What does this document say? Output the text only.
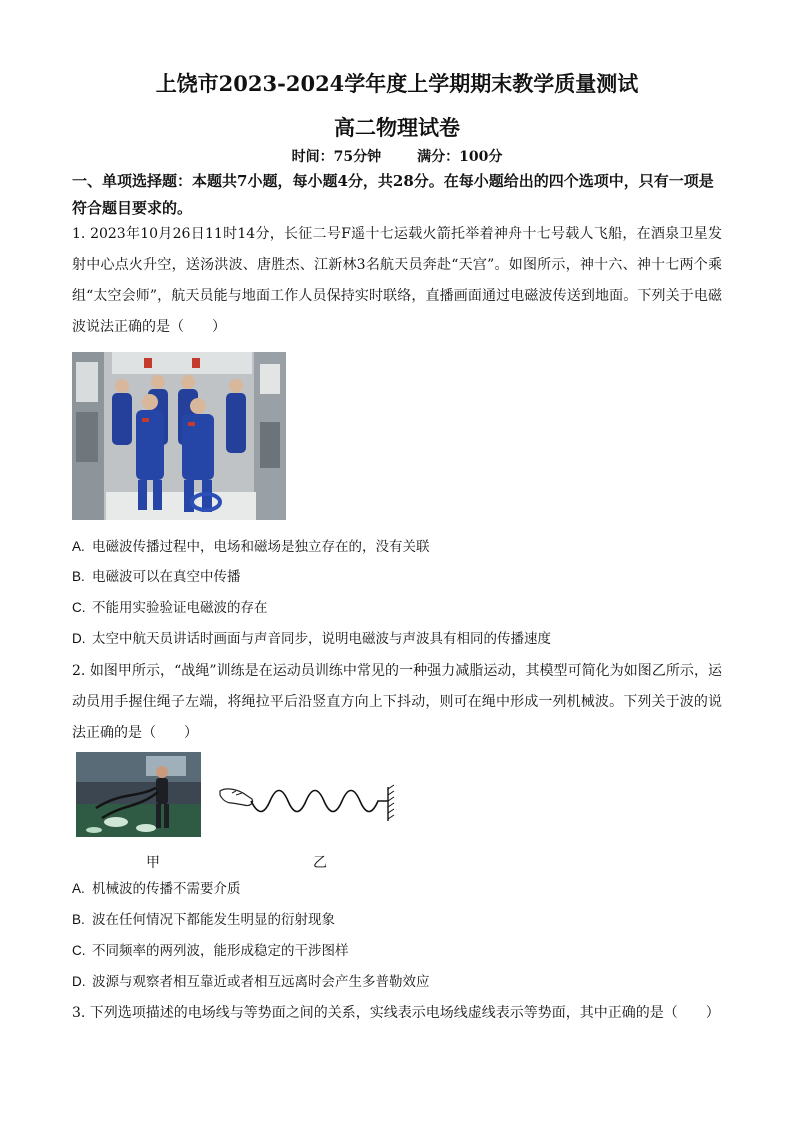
上饶市2023-2024学年度上学期期末教学质量测试
高二物理试卷
时间：75分钟	满分：100分
一、单项选择题：本题共7小题，每小题4分，共28分。在每小题给出的四个选项中，只有一项是符合题目要求的。
1. 2023年10月26日11时14分，长征二号F遥十七运载火箭托举着神舟十七号载人飞船，在酒泉卫星发射中心点火升空，送汤洪波、唐胜杰、江新林3名航天员奔赴“天宫”。如图所示，神十六、神十七两个乘组“太空会师”，航天员能与地面工作人员保持实时联络，直播画面通过电磁波传送到地面。下列关于电磁波说法正确的是（　　）
A. 电磁波传播过程中，电场和磁场是独立存在的，没有关联
B. 电磁波可以在真空中传播
C. 不能用实验验证电磁波的存在
D. 太空中航天员讲话时画面与声音同步，说明电磁波与声波具有相同的传播速度
2. 如图甲所示，“战绳”训练是在运动员训练中常见的一种强力减脂运动，其模型可简化为如图乙所示，运动员用手握住绳子左端，将绳拉平后沿竖直方向上下抖动，则可在绳中形成一列机械波。下列关于波的说法正确的是（　　）
甲	乙
A. 机械波的传播不需要介质
B. 波在任何情况下都能发生明显的衍射现象
C. 不同频率的两列波，能形成稳定的干涉图样
D. 波源与观察者相互靠近或者相互远离时会产生多普勒效应
3. 下列选项描述的电场线与等势面之间的关系，实线表示电场线虚线表示等势面，其中正确的是（　　）
